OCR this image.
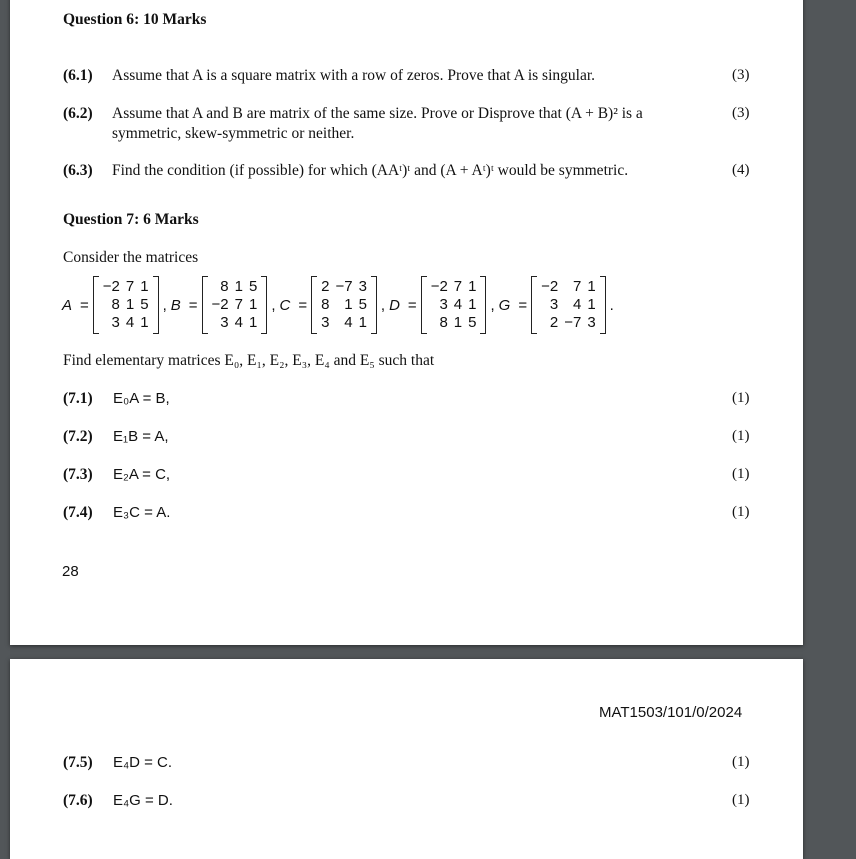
Question 6: 10 Marks
(6.1) Assume that A is a square matrix with a row of zeros. Prove that A is singular.	(3)
(6.2) Assume that A and B are matrix of the same size. Prove or Disprove that (A + B)² is a
symmetric, skew-symmetric or neither.
(3)
(6.3) Find the condition (if possible) for which (AAᵗ)ᵗ and (A + Aᵗ)ᵗ would be symmetric.	(4)
Question 7: 6 Marks
Consider the matrices
A =
−2	7	1
8	1	5
3	4	1
, B =
8	1	5
−2	7	1
3	4	1
, C =
2	−7	3
8	1	5
3	4	1
, D =
−2	7	1
3	4	1
8	1	5
, G =
−2	7	1
3	4	1
2	−7	3
.
Find elementary matrices E₀, E₁, E₂, E₃, E₄ and E₅ such that
(7.1) E₀A = B,	(1)
(7.2) E₁B = A,	(1)
(7.3) E₂A = C,	(1)
(7.4) E₃C = A.	(1)
28
MAT1503/101/0/2024
(7.5) E₄D = C.	(1)
(7.6) E₄G = D.	(1)
